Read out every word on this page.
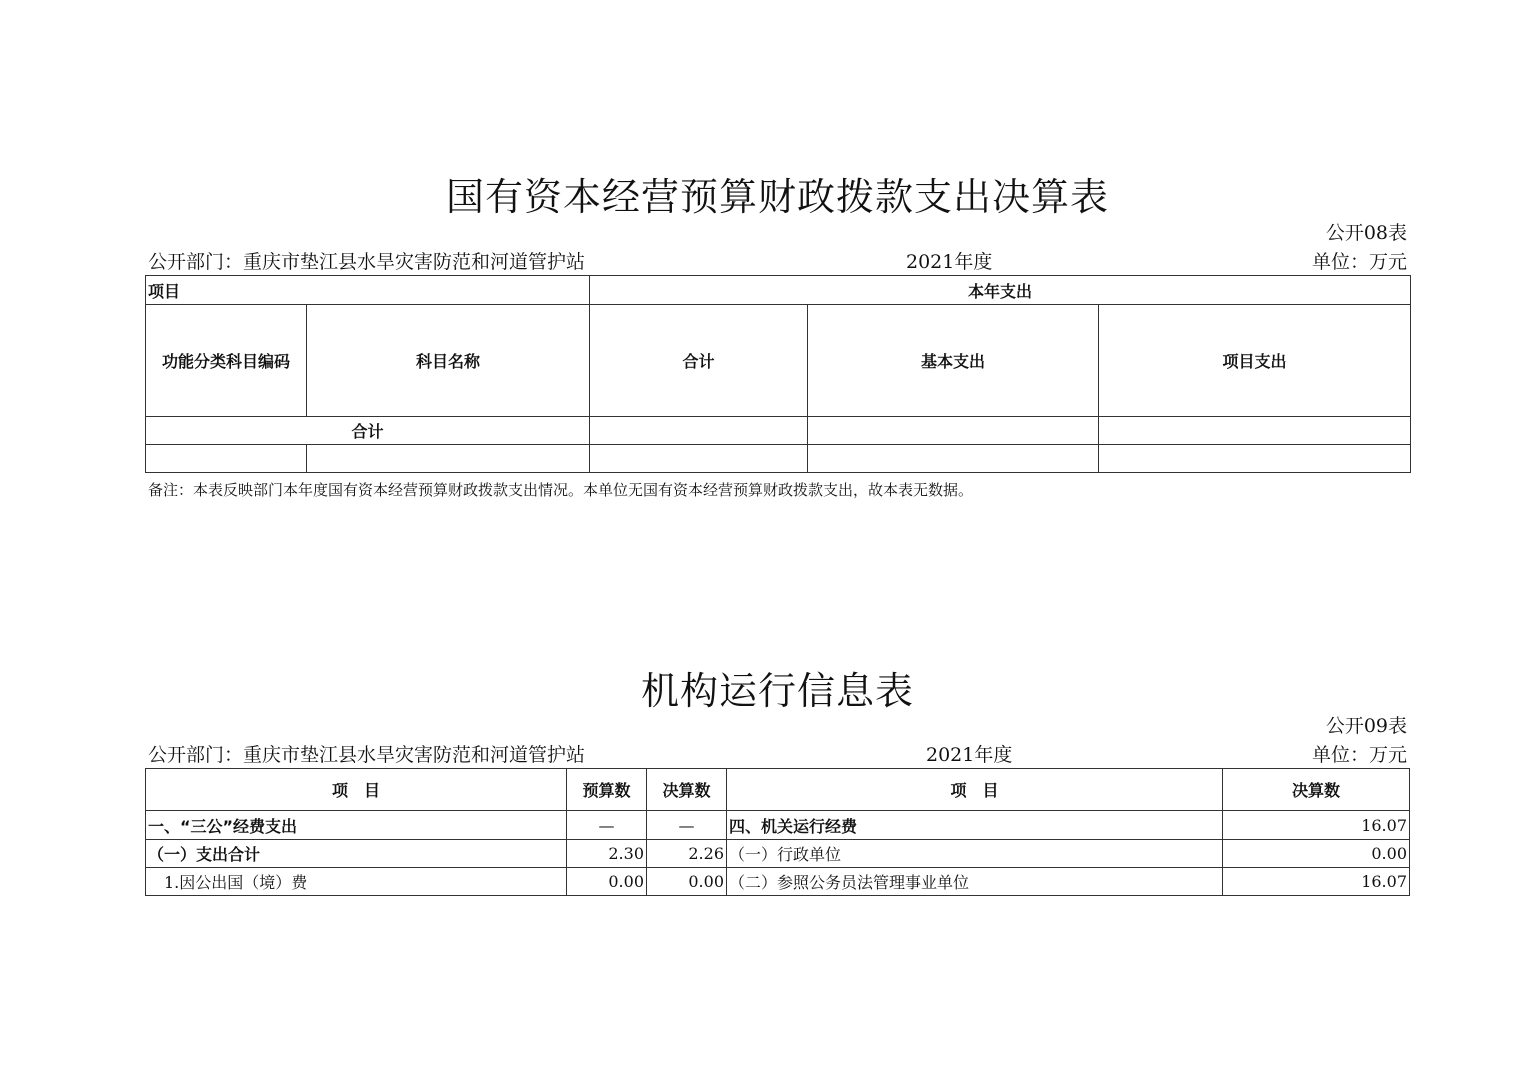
国有资本经营预算财政拨款支出决算表
公开08表
公开部门：重庆市垫江县水旱灾害防范和河道管护站	2021年度	单位：万元
项目		本年支出		
功能分类科目编码	科目名称	合计	基本支出	项目支出
合计				

备注：本表反映部门本年度国有资本经营预算财政拨款支出情况。本单位无国有资本经营预算财政拨款支出，故本表无数据。
机构运行信息表
公开09表
公开部门：重庆市垫江县水旱灾害防范和河道管护站	2021年度	单位：万元
项　目	预算数	决算数	项　目	决算数
一、“三公”经费支出	—	—	四、机关运行经费	16.07
（一）支出合计	2.30	2.26	（一）行政单位	0.00
1.因公出国（境）费	0.00	0.00	（二）参照公务员法管理事业单位	16.07
